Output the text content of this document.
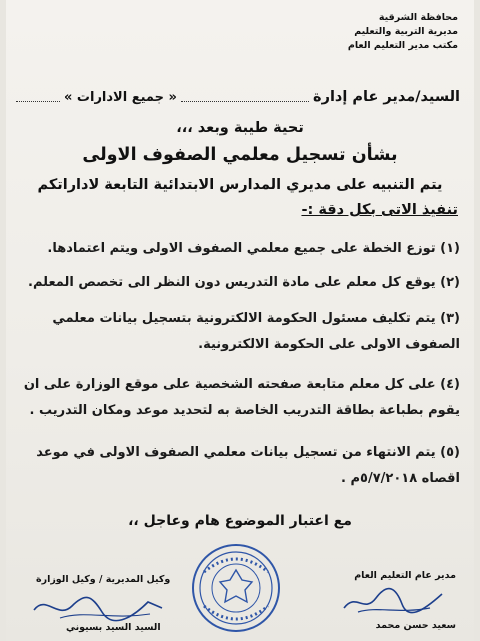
محافظة الشرقية
مديرية التربية والتعليم
مكتب مدير التعليم العام
السيد/مدير عام إدارة
« جميع الادارات »
تحية طيبة وبعد ،،،
بشأن تسجيل معلمي الصفوف الاولى
يتم التنبيه على مديري المدارس الابتدائية التابعة لاداراتكم
تنفيذ الاتى بكل دقة :-
(١) توزع الخطة على جميع معلمي الصفوف الاولى ويتم اعتمادها.
(٢) يوقع كل معلم على مادة التدريس دون النظر الى تخصص المعلم.
(٣) يتم تكليف مسئول الحكومة الالكترونية بتسجيل بيانات معلمي الصفوف الاولى على الحكومة الالكترونية.
(٤) على كل معلم متابعة صفحته الشخصية على موقع الوزارة على ان يقوم بطباعة بطاقة التدريب الخاصة به لتحديد موعد ومكان التدريب .
(٥) يتم الانتهاء من تسجيل بيانات معلمي الصفوف الاولى في موعد اقصاه ٥/٧/٢٠١٨م .
مع اعتبار الموضوع هام وعاجل ،،
مدير عام التعليم العام
سعيد حسن محمد
وكيل المديرية / وكيل الوزارة
السيد السيد بسيوني
